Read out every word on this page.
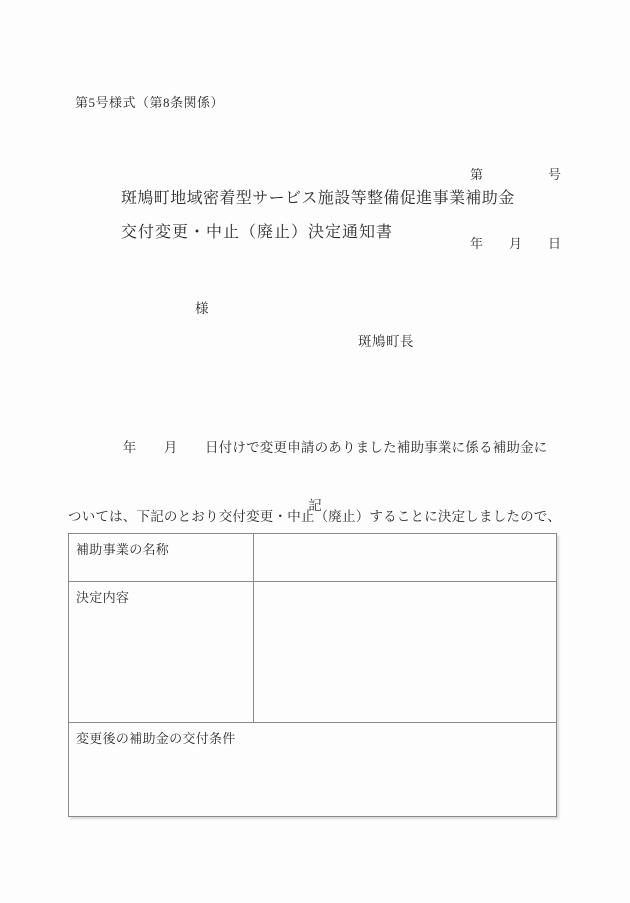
第5号様式（第8条関係）

第　　　　　号

年　　月　　日

斑鳩町地域密着型サービス施設等整備促進事業補助金
交付変更・中止（廃止）決定通知書
様
斑鳩町長

　　　　年　　月　　日付けで変更申請のありました補助事業に係る補助金に

ついては、下記のとおり交付変更・中止（廃止）することに決定しましたので、

記
補助事業の名称	
決定内容	
変更後の補助金の交付条件	
